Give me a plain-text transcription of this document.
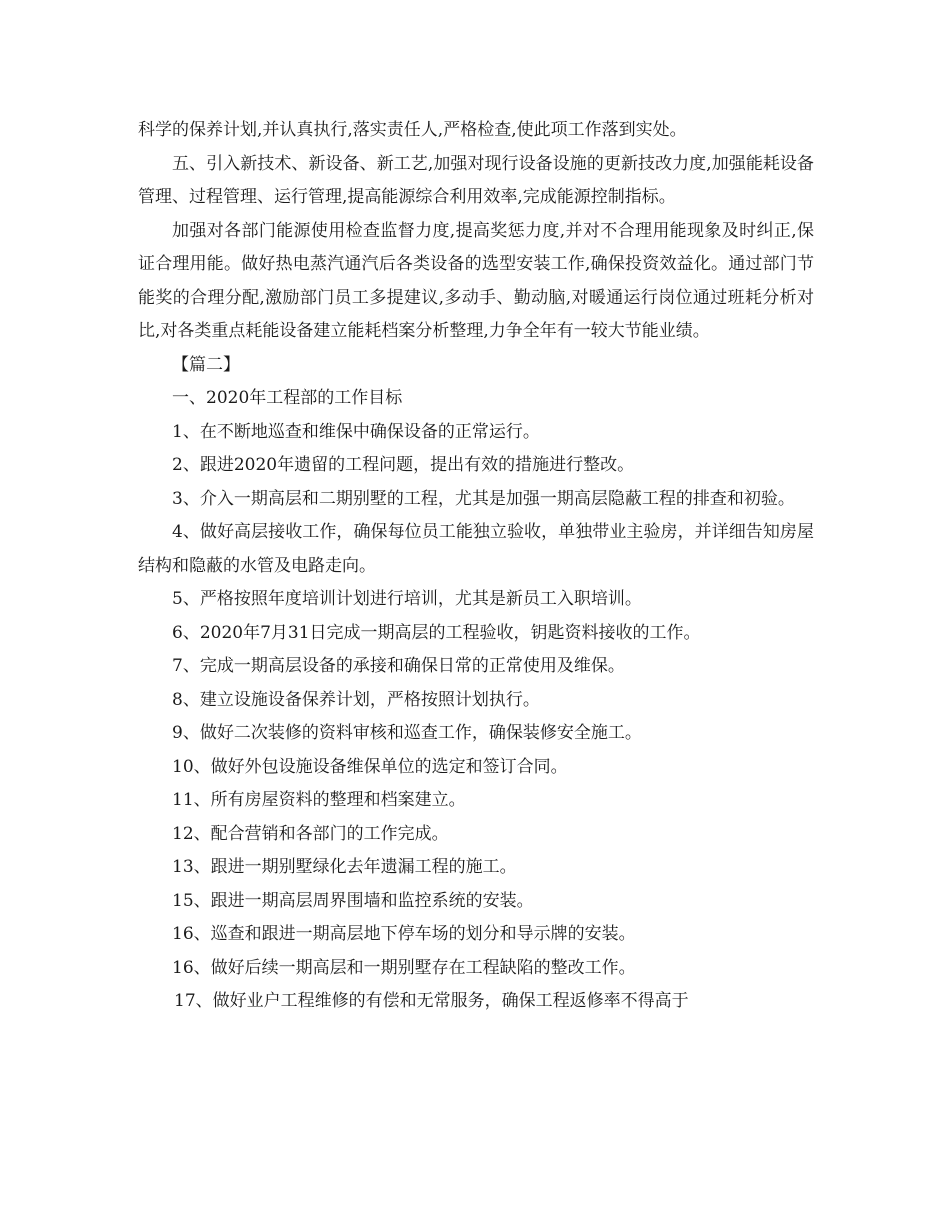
科学的保养计划,并认真执行,落实责任人,严格检查,使此项工作落到实处。

五、引入新技术、新设备、新工艺,加强对现行设备设施的更新技改力度,加强能耗设备管理、过程管理、运行管理,提高能源综合利用效率,完成能源控制指标。

加强对各部门能源使用检查监督力度,提高奖惩力度,并对不合理用能现象及时纠正,保证合理用能。做好热电蒸汽通汽后各类设备的选型安装工作,确保投资效益化。通过部门节能奖的合理分配,激励部门员工多提建议,多动手、勤动脑,对暖通运行岗位通过班耗分析对比,对各类重点耗能设备建立能耗档案分析整理,力争全年有一较大节能业绩。

【篇二】

一、2020年工程部的工作目标

1、在不断地巡查和维保中确保设备的正常运行。

2、跟进2020年遗留的工程问题，提出有效的措施进行整改。

3、介入一期高层和二期别墅的工程，尤其是加强一期高层隐蔽工程的排查和初验。

4、做好高层接收工作，确保每位员工能独立验收，单独带业主验房，并详细告知房屋结构和隐蔽的水管及电路走向。

5、严格按照年度培训计划进行培训，尤其是新员工入职培训。

6、2020年7月31日完成一期高层的工程验收，钥匙资料接收的工作。

7、完成一期高层设备的承接和确保日常的正常使用及维保。

8、建立设施设备保养计划，严格按照计划执行。

9、做好二次装修的资料审核和巡查工作，确保装修安全施工。

10、做好外包设施设备维保单位的选定和签订合同。

11、所有房屋资料的整理和档案建立。

12、配合营销和各部门的工作完成。

13、跟进一期别墅绿化去年遗漏工程的施工。

15、跟进一期高层周界围墙和监控系统的安装。

16、巡查和跟进一期高层地下停车场的划分和导示牌的安装。

16、做好后续一期高层和一期别墅存在工程缺陷的整改工作。

17、做好业户工程维修的有偿和无常服务，确保工程返修率不得高于
